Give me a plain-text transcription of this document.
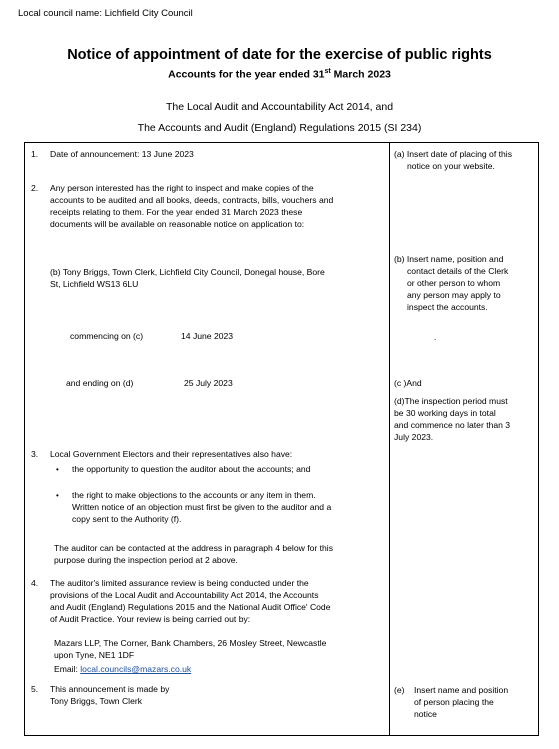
Local council name: Lichfield City Council
Notice of appointment of date for the exercise of public rights
Accounts for the year ended 31st March 2023
The Local Audit and Accountability Act 2014, and
The Accounts and Audit (England) Regulations 2015 (SI 234)
1.	Date of announcement: 13 June 2023
2.	Any person interested has the right to inspect and make copies of the
accounts to be audited and all books, deeds, contracts, bills, vouchers and
receipts relating to them. For the year ended 31 March 2023 these
documents will be available on reasonable notice on application to:
(b) Tony Briggs, Town Clerk, Lichfield City Council, Donegal house, Bore
St, Lichfield WS13 6LU
commencing on (c)	14 June 2023
and ending on (d)	25 July 2023
3.	Local Government Electors and their representatives also have:
• the opportunity to question the auditor about the accounts; and
• the right to make objections to the accounts or any item in them.
Written notice of an objection must first be given to the auditor and a
copy sent to the Authority (f).
The auditor can be contacted at the address in paragraph 4 below for this
purpose during the inspection period at 2 above.
4.	The auditor's limited assurance review is being conducted under the
provisions of the Local Audit and Accountability Act 2014, the Accounts
and Audit (England) Regulations 2015 and the National Audit Office' Code
of Audit Practice. Your review is being carried out by:
Mazars LLP, The Corner, Bank Chambers, 26 Mosley Street, Newcastle
upon Tyne, NE1 1DF
Email: local.councils@mazars.co.uk
5.	This announcement is made by
Tony Briggs, Town Clerk
(a) Insert date of placing of this
notice on your website.
(b) Insert name, position and
contact details of the Clerk
or other person to whom
any person may apply to
inspect the accounts.
.
(c )And
(d)The inspection period must
be 30 working days in total
and commence no later than 3
July 2023.
(e) Insert name and position
of person placing the
notice
